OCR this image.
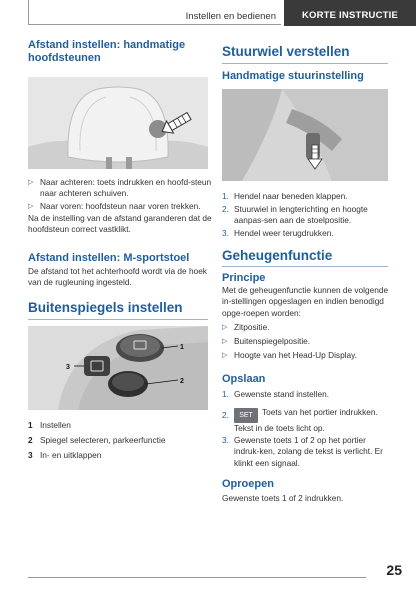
Instellen en bedienen	KORTE INSTRUCTIE
Afstand instellen: handmatige hoofdsteunen
▷ Naar achteren: toets indrukken en hoofd-steun naar achteren schuiven.
▷ Naar voren: hoofdsteun naar voren trekken.
Na de instelling van de afstand garanderen dat de hoofdsteun correct vastklikt.
Afstand instellen: M-sportstoel
De afstand tot het achterhoofd wordt via de hoek van de rugleuning ingesteld.
Buitenspiegels instellen
1
2
3
1 Instellen
2 Spiegel selecteren, parkeerfunctie
3 In- en uitklappen
Stuurwiel verstellen
Handmatige stuurinstelling
1. Hendel naar beneden klappen.
2. Stuurwiel in lengterichting en hoogte aanpas-sen aan de stoelpositie.
3. Hendel weer terugdrukken.
Geheugenfunctie
Principe
Met de geheugenfunctie kunnen de volgende in-stellingen opgeslagen en indien benodigd opge-roepen worden:
▷ Zitpositie.
▷ Buitenspiegelpositie.
▷ Hoogte van het Head-Up Display.
Opslaan
1. Gewenste stand instellen.
2.	SET Toets van het portier indrukken. Tekst in de toets licht op.
3. Gewenste toets 1 of 2 op het portier indruk-ken, zolang de tekst is verlicht. Er klinkt een signaal.
Oproepen
Gewenste toets 1 of 2 indrukken.
25
